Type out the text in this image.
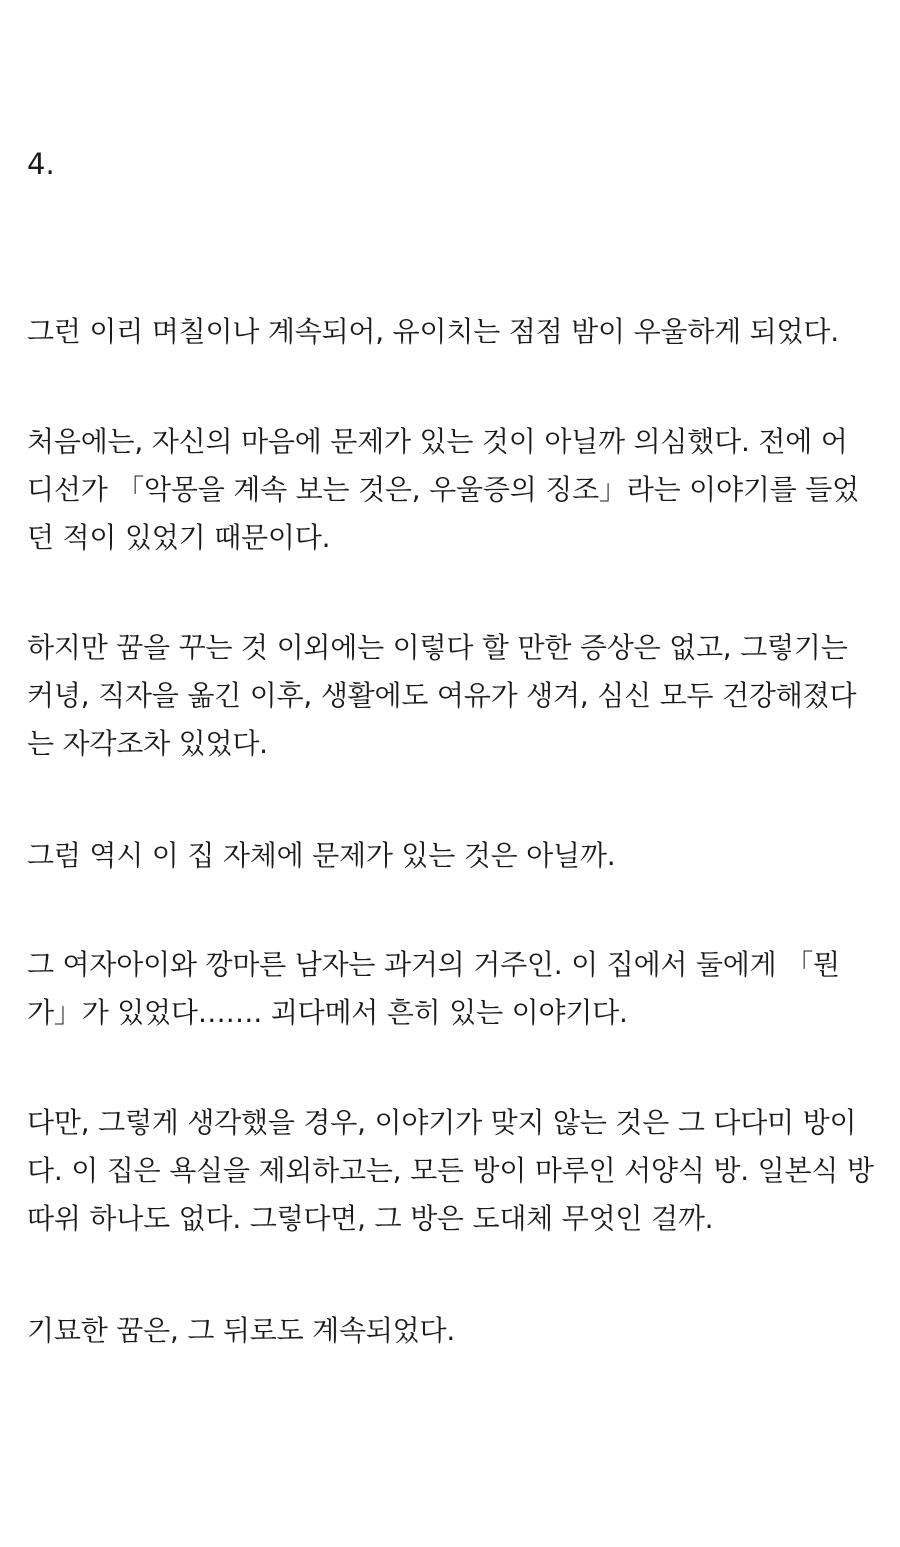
4.

그런 이리 며칠이나 계속되어, 유이치는 점점 밤이 우울하게 되었다.

처음에는, 자신의 마음에 문제가 있는 것이 아닐까 의심했다. 전에 어
디선가 「악몽을 계속 보는 것은, 우울증의 징조」라는 이야기를 들었
던 적이 있었기 때문이다.

하지만 꿈을 꾸는 것 이외에는 이렇다 할 만한 증상은 없고, 그렇기는
커녕, 직자을 옮긴 이후, 생활에도 여유가 생겨, 심신 모두 건강해졌다
는 자각조차 있었다.

그럼 역시 이 집 자체에 문제가 있는 것은 아닐까.

그 여자아이와 깡마른 남자는 과거의 거주인. 이 집에서 둘에게 「뭔
가」가 있었다……. 괴다메서 흔히 있는 이야기다.

다만, 그렇게 생각했을 경우, 이야기가 맞지 않는 것은 그 다다미 방이
다. 이 집은 욕실을 제외하고는, 모든 방이 마루인 서양식 방. 일본식 방
따위 하나도 없다. 그렇다면, 그 방은 도대체 무엇인 걸까.

기묘한 꿈은, 그 뒤로도 계속되었다.
